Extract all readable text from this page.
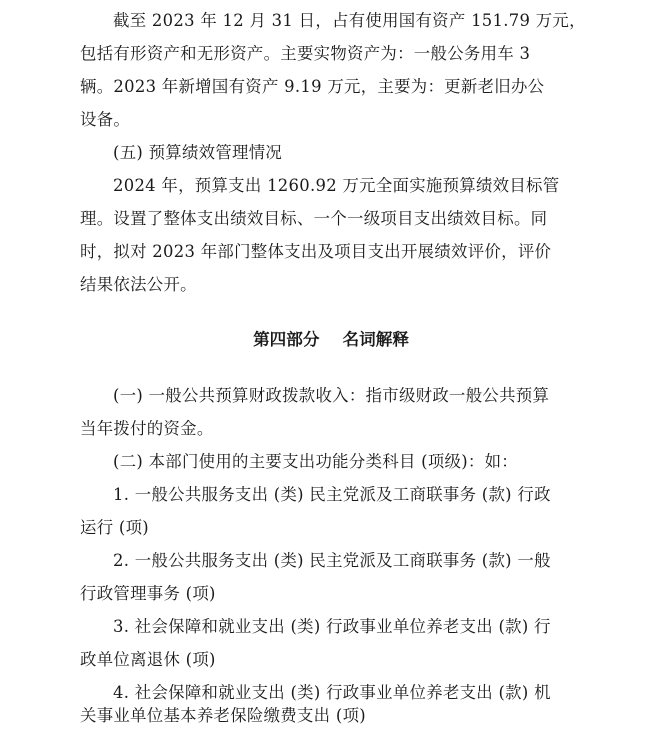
截至 2023 年 12 月 31 日，占有使用国有资产 151.79 万元，
包括有形资产和无形资产。主要实物资产为：一般公务用车 3
辆。2023 年新增国有资产 9.19 万元，主要为：更新老旧办公
设备。
(五) 预算绩效管理情况
2024 年，预算支出 1260.92 万元全面实施预算绩效目标管
理。设置了整体支出绩效目标、一个一级项目支出绩效目标。同
时，拟对 2023 年部门整体支出及项目支出开展绩效评价，评价
结果依法公开。
第四部分    名词解释
(一) 一般公共预算财政拨款收入：指市级财政一般公共预算
当年拨付的资金。
(二) 本部门使用的主要支出功能分类科目 (项级)：如：
1. 一般公共服务支出 (类) 民主党派及工商联事务 (款) 行政
运行 (项)
2. 一般公共服务支出 (类) 民主党派及工商联事务 (款) 一般
行政管理事务 (项)
3. 社会保障和就业支出 (类) 行政事业单位养老支出 (款) 行
政单位离退休 (项)
4. 社会保障和就业支出 (类) 行政事业单位养老支出 (款) 机
关事业单位基本养老保险缴费支出 (项)
